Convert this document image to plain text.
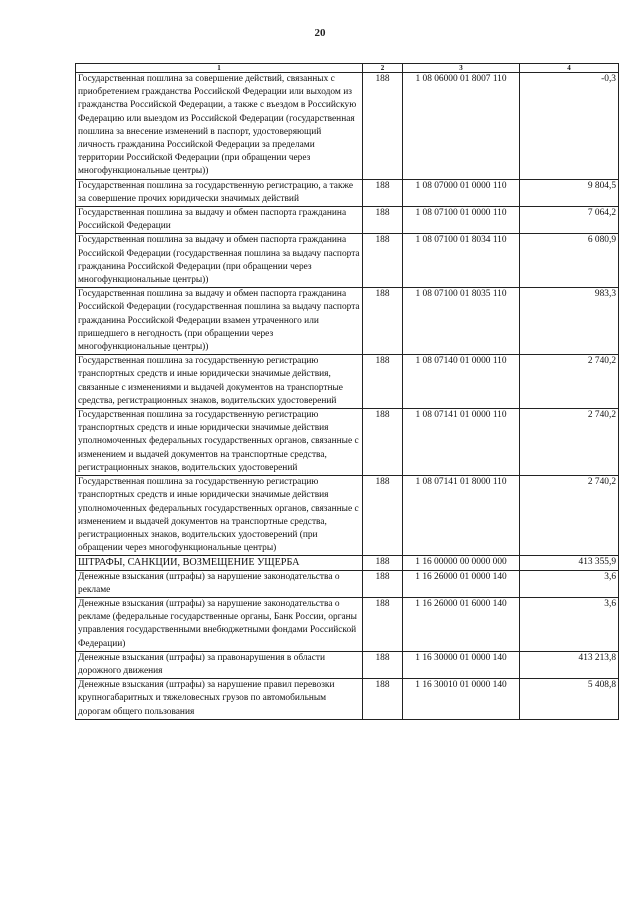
20
1	2	3	4
Государственная пошлина за совершение действий, связанных с приобретением гражданства Российской Федерации или выходом из гражданства Российской Федерации, а также с въездом в Российскую Федерацию или выездом из Российской Федерации (государственная пошлина за внесение изменений в паспорт, удостоверяющий личность гражданина Российской Федерации за пределами территории Российской Федерации (при обращении через многофункциональные центры))	188	1 08 06000 01 8007 110	-0,3
Государственная пошлина за государственную регистрацию, а также за совершение прочих юридически значимых действий	188	1 08 07000 01 0000 110	9 804,5
Государственная пошлина за выдачу и обмен паспорта гражданина Российской Федерации	188	1 08 07100 01 0000 110	7 064,2
Государственная пошлина за выдачу и обмен паспорта гражданина Российской Федерации (государственная пошлина за выдачу паспорта гражданина Российской Федерации (при обращении через многофункциональные центры))	188	1 08 07100 01 8034 110	6 080,9
Государственная пошлина за выдачу и обмен паспорта гражданина Российской Федерации (государственная пошлина за выдачу паспорта гражданина Российской Федерации взамен утраченного или пришедшего в негодность (при обращении через многофункциональные центры))	188	1 08 07100 01 8035 110	983,3
Государственная пошлина за государственную регистрацию транспортных средств и иные юридически значимые действия, связанные с изменениями и выдачей документов на транспортные средства, регистрационных знаков, водительских удостоверений	188	1 08 07140 01 0000 110	2 740,2
Государственная пошлина за государственную регистрацию транспортных средств и иные юридически значимые действия уполномоченных федеральных государственных органов, связанные с изменением и выдачей документов на транспортные средства, регистрационных знаков, водительских удостоверений	188	1 08 07141 01 0000 110	2 740,2
Государственная пошлина за государственную регистрацию транспортных средств и иные юридически значимые действия уполномоченных федеральных государственных органов, связанные с изменением и выдачей документов на транспортные средства, регистрационных знаков, водительских удостоверений (при обращении через многофункциональные центры)	188	1 08 07141 01 8000 110	2 740,2
ШТРАФЫ, САНКЦИИ, ВОЗМЕЩЕНИЕ УЩЕРБА	188	1 16 00000 00 0000 000	413 355,9
Денежные взыскания (штрафы) за нарушение законодательства о рекламе	188	1 16 26000 01 0000 140	3,6
Денежные взыскания (штрафы) за нарушение законодательства о рекламе (федеральные государственные органы, Банк России, органы управления государственными внебюджетными фондами Российской Федерации)	188	1 16 26000 01 6000 140	3,6
Денежные взыскания (штрафы) за правонарушения в области дорожного движения	188	1 16 30000 01 0000 140	413 213,8
Денежные взыскания (штрафы) за нарушение правил перевозки крупногабаритных и тяжеловесных грузов по автомобильным дорогам общего пользования	188	1 16 30010 01 0000 140	5 408,8
